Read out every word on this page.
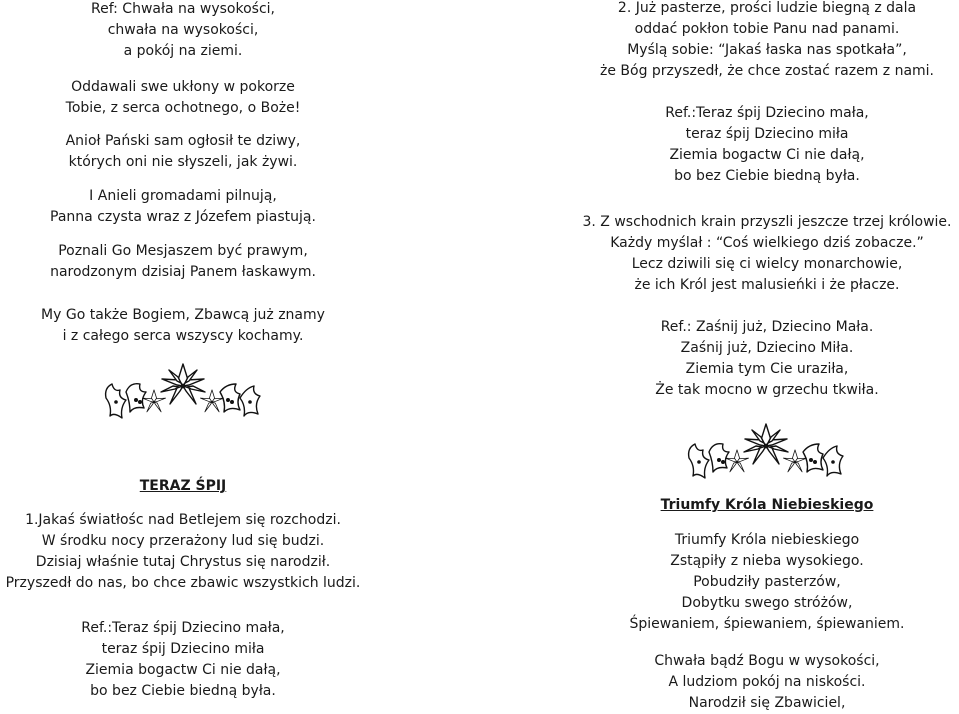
Ref: Chwała na wysokości,
chwała na wysokości,
a pokój na ziemi.
Oddawali swe ukłony w pokorze
Tobie, z serca ochotnego, o Boże!
Anioł Pański sam ogłosił te dziwy,
których oni nie słyszeli, jak żywi.
I Anieli gromadami pilnują,
Panna czysta wraz z Józefem piastują.
Poznali Go Mesjaszem być prawym,
narodzonym dzisiaj Panem łaskawym.
My Go także Bogiem, Zbawcą już znamy
i z całego serca wszyscy kochamy.
TERAZ ŚPIJ
1.Jakaś światłośc nad Betlejem się rozchodzi.
W środku nocy przerażony lud się budzi.
Dzisiaj właśnie tutaj Chrystus się narodził.
Przyszedł do nas, bo chce zbawic wszystkich ludzi.
Ref.:Teraz śpij Dziecino mała,
teraz śpij Dziecino miła
Ziemia bogactw Ci nie dałą,
bo bez Ciebie biedną była.
2. Już pasterze, prości ludzie biegną z dala
oddać pokłon tobie Panu nad panami.
Myślą sobie: “Jakaś łaska nas spotkała”,
że Bóg przyszedł, że chce zostać razem z nami.
Ref.:Teraz śpij Dziecino mała,
teraz śpij Dziecino miła
Ziemia bogactw Ci nie dałą,
bo bez Ciebie biedną była.
3. Z wschodnich krain przyszli jeszcze trzej królowie.
Każdy myślał : “Coś wielkiego dziś zobacze.”
Lecz dziwili się ci wielcy monarchowie,
że ich Król jest malusieńki i że płacze.
Ref.: Zaśnij już, Dziecino Mała.
Zaśnij już, Dziecino Miła.
Ziemia tym Cie uraziła,
Że tak mocno w grzechu tkwiła.
Triumfy Króla Niebieskiego
Triumfy Króla niebieskiego
Zstąpiły z nieba wysokiego.
Pobudziły pasterzów,
Dobytku swego stróżów,
Śpiewaniem, śpiewaniem, śpiewaniem.
Chwała bądź Bogu w wysokości,
A ludziom pokój na niskości.
Narodził się Zbawiciel,
